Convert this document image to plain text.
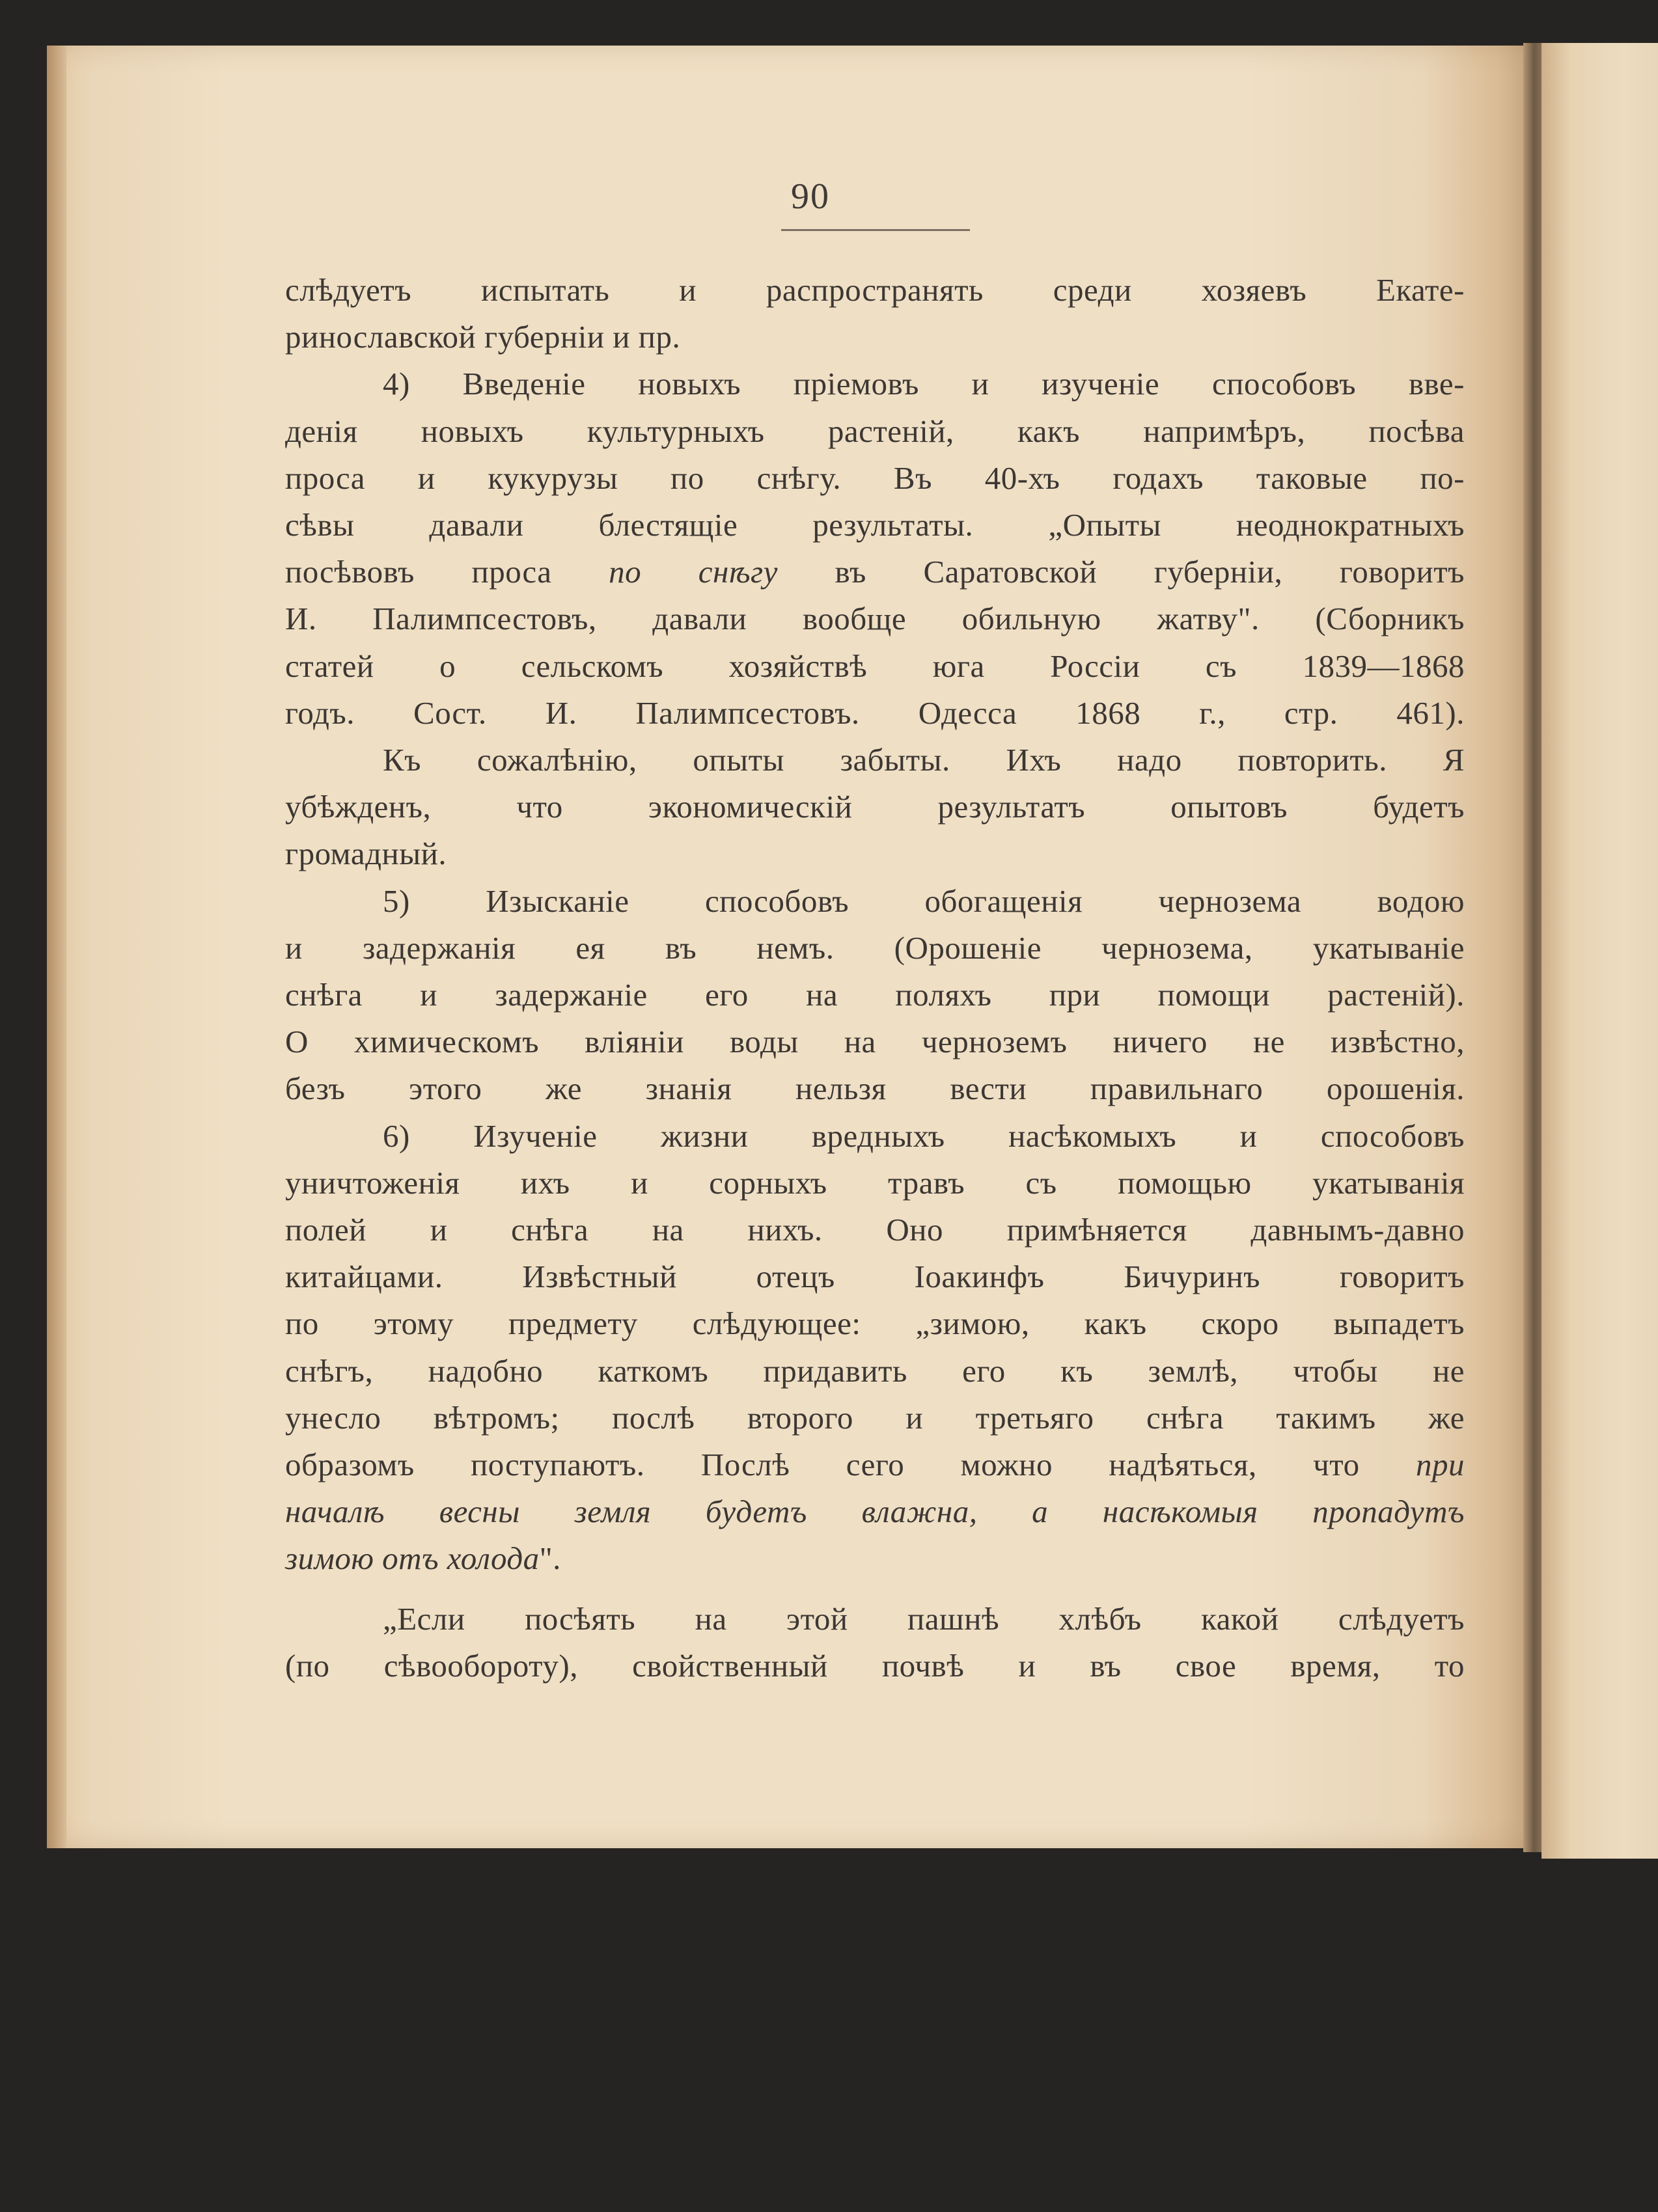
90
слѣдуетъ испытать и распространять среди хозяевъ Екате-
ринославской губерніи и пр.
4) Введеніе новыхъ пріемовъ и изученіе способовъ вве-
денія новыхъ культурныхъ растеній, какъ напримѣръ, посѣва
проса и кукурузы по снѣгу. Въ 40-хъ годахъ таковые по-
сѣвы давали блестящіе результаты. „Опыты неоднократныхъ
посѣвовъ проса по снѣгу въ Саратовской губерніи, говоритъ
И. Палимпсестовъ, давали вообще обильную жатву". (Сборникъ
статей о сельскомъ хозяйствѣ юга Россіи съ 1839—1868
годъ. Сост. И. Палимпсестовъ. Одесса 1868 г., стр. 461).
Къ сожалѣнію, опыты забыты. Ихъ надо повторить. Я
убѣжденъ, что экономическій результатъ опытовъ будетъ
громадный.
5) Изысканіе способовъ обогащенія чернозема водою
и задержанія ея въ немъ. (Орошеніе чернозема, укатываніе
снѣга и задержаніе его на поляхъ при помощи растеній).
О химическомъ вліяніи воды на черноземъ ничего не извѣстно,
безъ этого же знанія нельзя вести правильнаго орошенія.
6) Изученіе жизни вредныхъ насѣкомыхъ и способовъ
уничтоженія ихъ и сорныхъ травъ съ помощью укатыванія
полей и снѣга на нихъ. Оно примѣняется давнымъ-давно
китайцами. Извѣстный отецъ Іоакинфъ Бичуринъ говоритъ
по этому предмету слѣдующее: „зимою, какъ скоро выпадетъ
снѣгъ, надобно каткомъ придавить его къ землѣ, чтобы не
унесло вѣтромъ; послѣ второго и третьяго снѣга такимъ же
образомъ поступаютъ. Послѣ сего можно надѣяться, что при
началѣ весны земля будетъ влажна, а насѣкомыя пропадутъ
зимою отъ холода".
„Если посѣять на этой пашнѣ хлѣбъ какой слѣдуетъ
(по сѣвообороту), свойственный почвѣ и въ свое время, то
